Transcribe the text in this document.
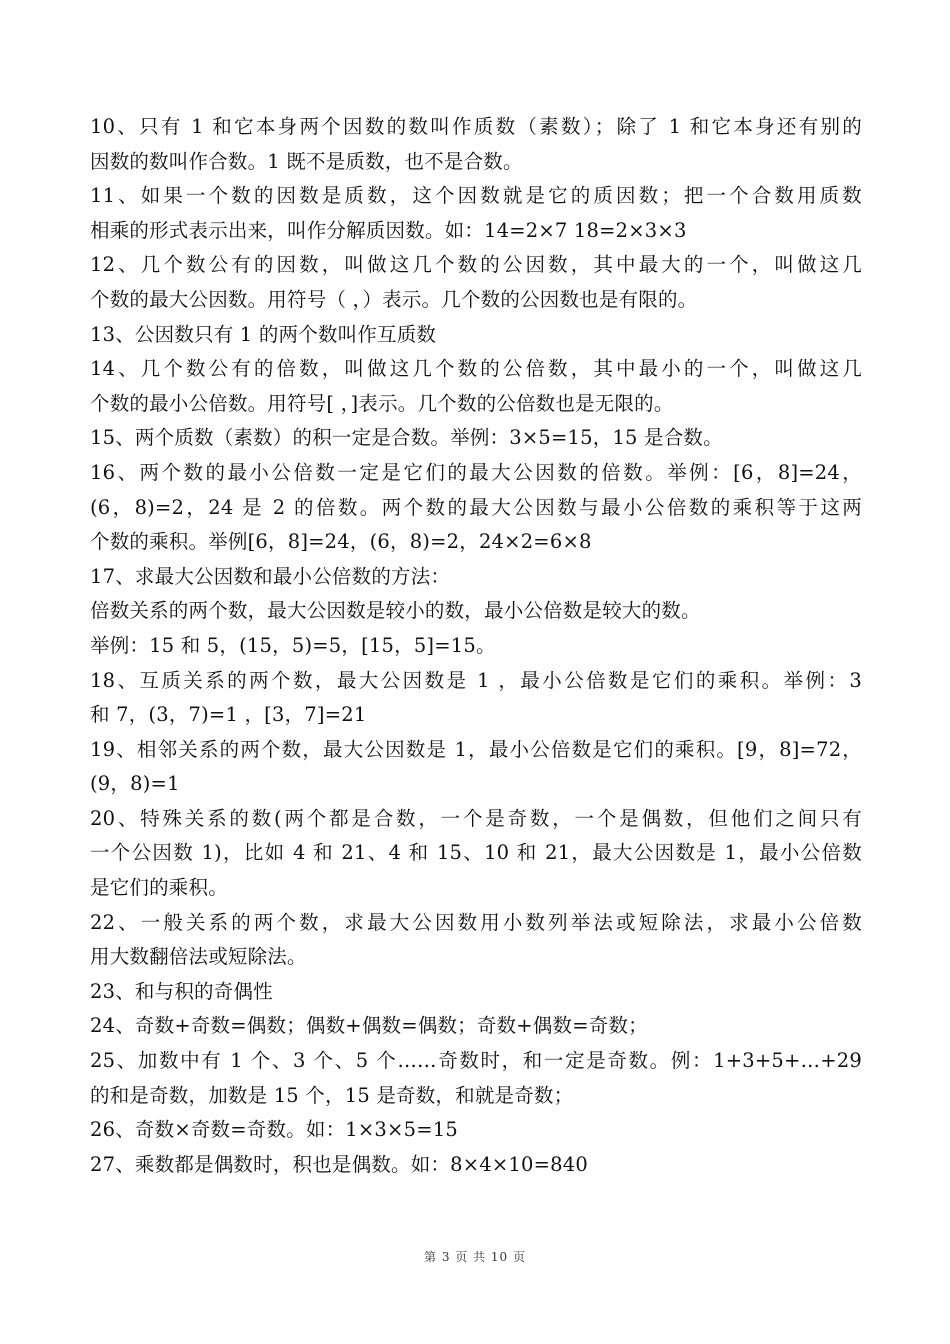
10、只有 1 和它本身两个因数的数叫作质数（素数）；除了 1 和它本身还有别的
因数的数叫作合数。1 既不是质数，也不是合数。
11、如果一个数的因数是质数，这个因数就是它的质因数；把一个合数用质数
相乘的形式表示出来，叫作分解质因数。如：14=2×7 18=2×3×3
12、几个数公有的因数，叫做这几个数的公因数，其中最大的一个，叫做这几
个数的最大公因数。用符号（ ，）表示。几个数的公因数也是有限的。
13、公因数只有 1 的两个数叫作互质数
14、几个数公有的倍数，叫做这几个数的公倍数，其中最小的一个，叫做这几
个数的最小公倍数。用符号[ ，]表示。几个数的公倍数也是无限的。
15、两个质数（素数）的积一定是合数。举例：3×5=15，15 是合数。
16、两个数的最小公倍数一定是它们的最大公因数的倍数。举例：[6，8]=24，
(6，8)=2，24 是 2 的倍数。两个数的最大公因数与最小公倍数的乘积等于这两
个数的乘积。举例[6，8]=24，(6，8)=2，24×2=6×8
17、求最大公因数和最小公倍数的方法：
倍数关系的两个数，最大公因数是较小的数，最小公倍数是较大的数。
举例：15 和 5，(15，5)=5，[15，5]=15。
18、互质关系的两个数，最大公因数是 1 ，最小公倍数是它们的乘积。举例：3
和 7，(3，7)=1 ，[3，7]=21
19、相邻关系的两个数，最大公因数是 1，最小公倍数是它们的乘积。[9，8]=72，
(9，8)=1
20、特殊关系的数(两个都是合数，一个是奇数，一个是偶数，但他们之间只有
一个公因数 1)，比如 4 和 21、4 和 15、10 和 21，最大公因数是 1，最小公倍数
是它们的乘积。
22、一般关系的两个数，求最大公因数用小数列举法或短除法，求最小公倍数
用大数翻倍法或短除法。
23、和与积的奇偶性
24、奇数+奇数=偶数；偶数+偶数=偶数；奇数+偶数=奇数；
25、加数中有 1 个、3 个、5 个……奇数时，和一定是奇数。例：1+3+5+…+29
的和是奇数，加数是 15 个，15 是奇数，和就是奇数；
26、奇数×奇数=奇数。如：1×3×5=15
27、乘数都是偶数时，积也是偶数。如：8×4×10=840
第 3 页 共 10 页
